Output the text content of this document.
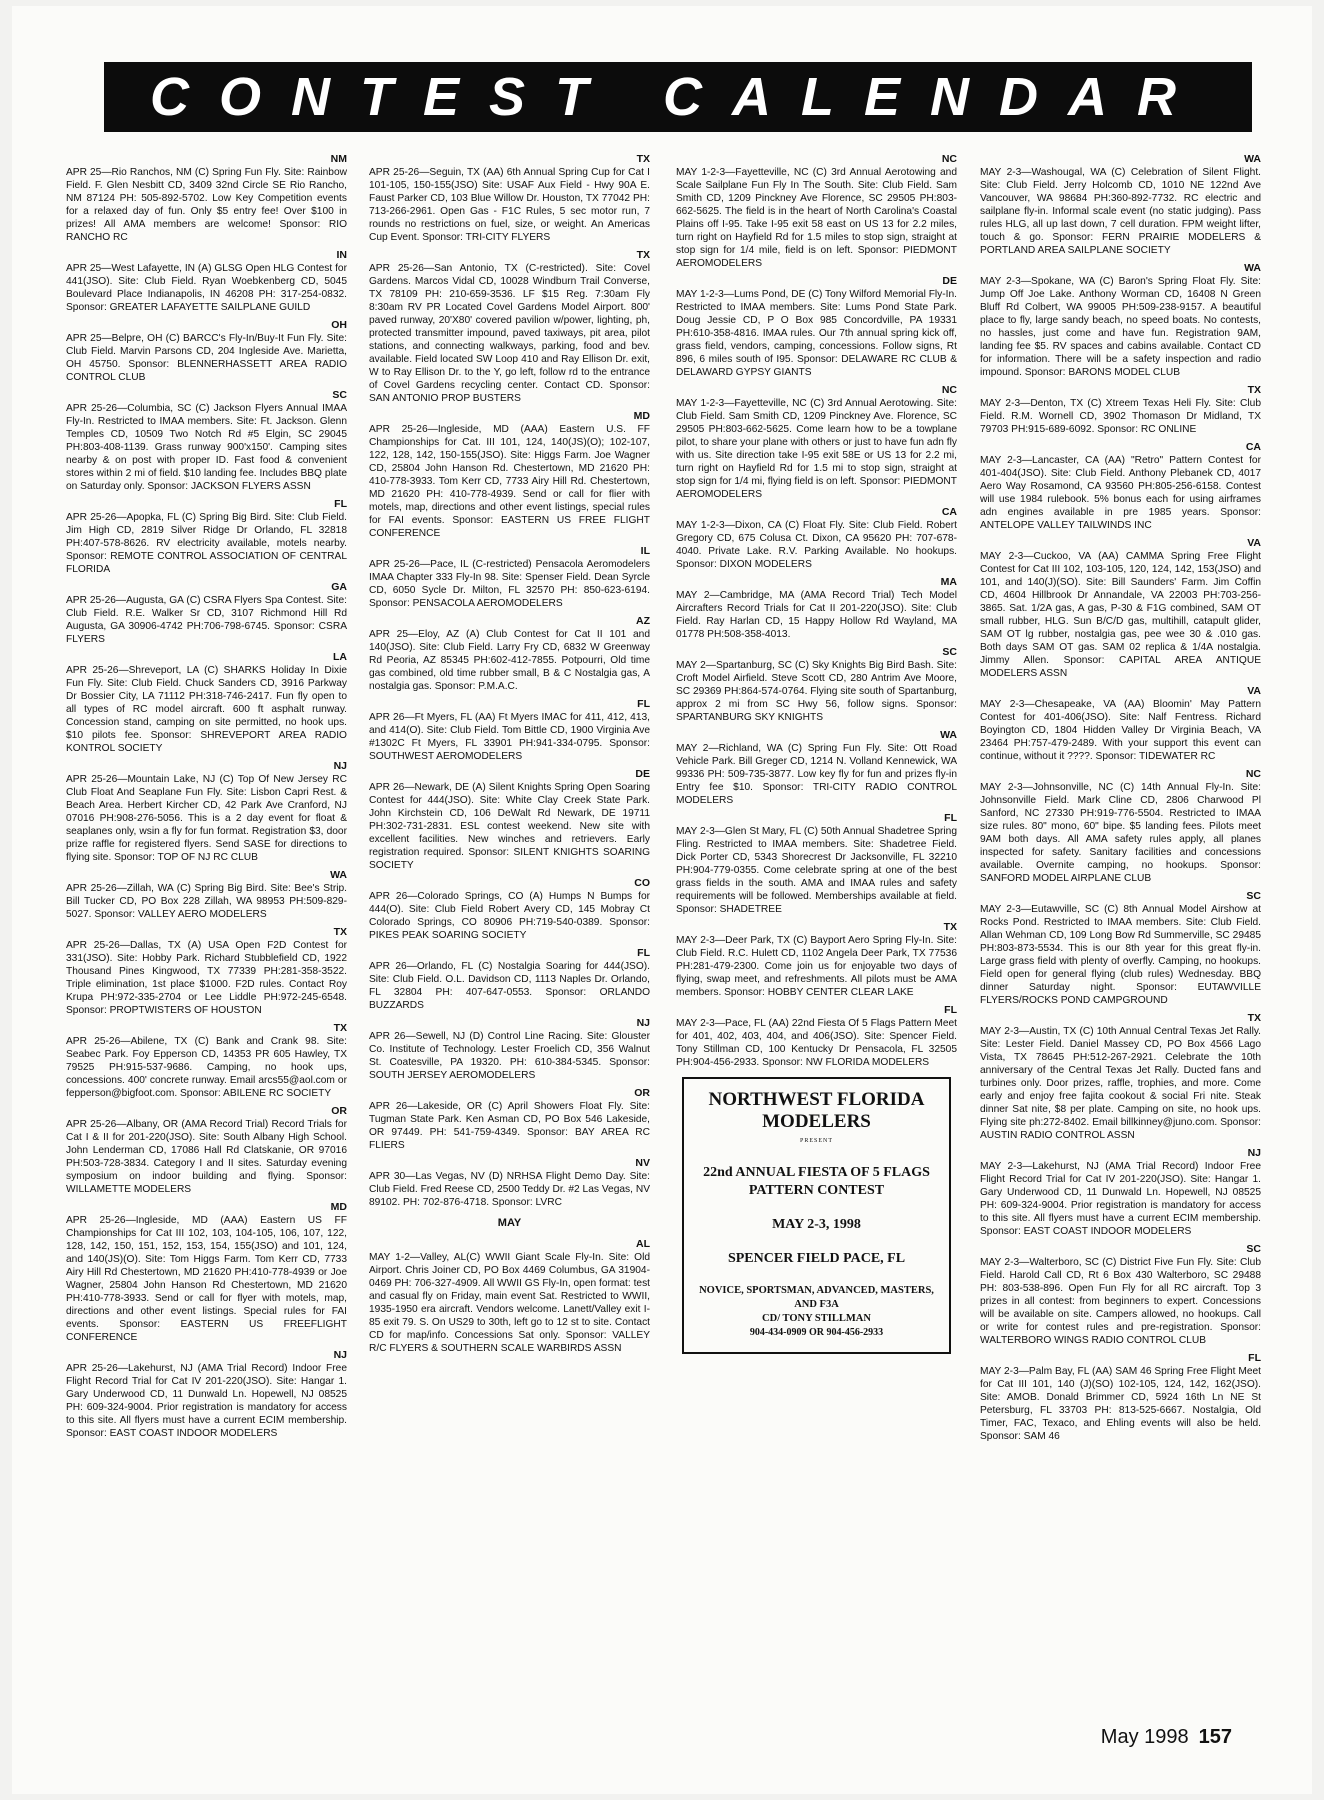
CONTEST CALENDAR
NM
APR 25—Rio Ranchos, NM (C) Spring Fun Fly. Site: Rainbow Field. F. Glen Nesbitt CD, 3409 32nd Circle SE Rio Rancho, NM 87124 PH: 505-892-5702. Low Key Competition events for a relaxed day of fun. Only $5 entry fee! Over $100 in prizes! All AMA members are welcome! Sponsor: RIO RANCHO RC
IN
APR 25—West Lafayette, IN (A) GLSG Open HLG Contest for 441(JSO). Site: Club Field. Ryan Woebkenberg CD, 5045 Boulevard Place Indianapolis, IN 46208 PH: 317-254-0832. Sponsor: GREATER LAFAYETTE SAILPLANE GUILD
OH
APR 25—Belpre, OH (C) BARCC's Fly-In/Buy-It Fun Fly. Site: Club Field. Marvin Parsons CD, 204 Ingleside Ave. Marietta, OH 45750. Sponsor: BLENNERHASSETT AREA RADIO CONTROL CLUB
SC
APR 25-26—Columbia, SC (C) Jackson Flyers Annual IMAA Fly-In. Restricted to IMAA members. Site: Ft. Jackson. Glenn Temples CD, 10509 Two Notch Rd #5 Elgin, SC 29045 PH:803-408-1139. Grass runway 900'x150'. Camping sites nearby & on post with proper ID. Fast food & convenient stores within 2 mi of field. $10 landing fee. Includes BBQ plate on Saturday only. Sponsor: JACKSON FLYERS ASSN
FL
APR 25-26—Apopka, FL (C) Spring Big Bird. Site: Club Field. Jim High CD, 2819 Silver Ridge Dr Orlando, FL 32818 PH:407-578-8626. RV electricity available, motels nearby. Sponsor: REMOTE CONTROL ASSOCIATION OF CENTRAL FLORIDA
GA
APR 25-26—Augusta, GA (C) CSRA Flyers Spa Contest. Site: Club Field. R.E. Walker Sr CD, 3107 Richmond Hill Rd Augusta, GA 30906-4742 PH:706-798-6745. Sponsor: CSRA FLYERS
LA
APR 25-26—Shreveport, LA (C) SHARKS Holiday In Dixie Fun Fly. Site: Club Field. Chuck Sanders CD, 3916 Parkway Dr Bossier City, LA 71112 PH:318-746-2417. Fun fly open to all types of RC model aircraft. 600 ft asphalt runway. Concession stand, camping on site permitted, no hook ups. $10 pilots fee. Sponsor: SHREVEPORT AREA RADIO KONTROL SOCIETY
NJ
APR 25-26—Mountain Lake, NJ (C) Top Of New Jersey RC Club Float And Seaplane Fun Fly. Site: Lisbon Capri Rest. & Beach Area. Herbert Kircher CD, 42 Park Ave Cranford, NJ 07016 PH:908-276-5056. This is a 2 day event for float & seaplanes only, wsin a fly for fun format. Registration $3, door prize raffle for registered flyers. Send SASE for directions to flying site. Sponsor: TOP OF NJ RC CLUB
WA
APR 25-26—Zillah, WA (C) Spring Big Bird. Site: Bee's Strip. Bill Tucker CD, PO Box 228 Zillah, WA 98953 PH:509-829-5027. Sponsor: VALLEY AERO MODELERS
TX
APR 25-26—Dallas, TX (A) USA Open F2D Contest for 331(JSO). Site: Hobby Park. Richard Stubblefield CD, 1922 Thousand Pines Kingwood, TX 77339 PH:281-358-3522. Triple elimination, 1st place $1000. F2D rules. Contact Roy Krupa PH:972-335-2704 or Lee Liddle PH:972-245-6548. Sponsor: PROPTWISTERS OF HOUSTON
TX
APR 25-26—Abilene, TX (C) Bank and Crank 98. Site: Seabec Park. Foy Epperson CD, 14353 PR 605 Hawley, TX 79525 PH:915-537-9686. Camping, no hook ups, concessions. 400' concrete runway. Email arcs55@aol.com or fepperson@bigfoot.com. Sponsor: ABILENE RC SOCIETY
OR
APR 25-26—Albany, OR (AMA Record Trial) Record Trials for Cat I & II for 201-220(JSO). Site: South Albany High School. John Lenderman CD, 17086 Hall Rd Clatskanie, OR 97016 PH:503-728-3834. Category I and II sites. Saturday evening symposium on indoor building and flying. Sponsor: WILLAMETTE MODELERS
MD
APR 25-26—Ingleside, MD (AAA) Eastern US FF Championships for Cat III 102, 103, 104-105, 106, 107, 122, 128, 142, 150, 151, 152, 153, 154, 155(JSO) and 101, 124, and 140(JS)(O). Site: Tom Higgs Farm. Tom Kerr CD, 7733 Airy Hill Rd Chestertown, MD 21620 PH:410-778-4939 or Joe Wagner, 25804 John Hanson Rd Chestertown, MD 21620 PH:410-778-3933. Send or call for flyer with motels, map, directions and other event listings. Special rules for FAI events. Sponsor: EASTERN US FREEFLIGHT CONFERENCE
NJ
APR 25-26—Lakehurst, NJ (AMA Trial Record) Indoor Free Flight Record Trial for Cat IV 201-220(JSO). Site: Hangar 1. Gary Underwood CD, 11 Dunwald Ln. Hopewell, NJ 08525 PH: 609-324-9004. Prior registration is mandatory for access to this site. All flyers must have a current ECIM membership. Sponsor: EAST COAST INDOOR MODELERS
TX
APR 25-26—Seguin, TX (AA) 6th Annual Spring Cup for Cat I 101-105, 150-155(JSO) Site: USAF Aux Field - Hwy 90A E. Faust Parker CD, 103 Blue Willow Dr. Houston, TX 77042 PH: 713-266-2961. Open Gas - F1C Rules, 5 sec motor run, 7 rounds no restrictions on fuel, size, or weight. An Americas Cup Event. Sponsor: TRI-CITY FLYERS
TX
APR 25-26—San Antonio, TX (C-restricted). Site: Covel Gardens. Marcos Vidal CD, 10028 Windburn Trail Converse, TX 78109 PH: 210-659-3536. LF $15 Reg. 7:30am Fly 8:30am RV PR Located Covel Gardens Model Airport. 800' paved runway, 20'X80' covered pavilion w/power, lighting, ph, protected transmitter impound, paved taxiways, pit area, pilot stations, and connecting walkways, parking, food and bev. available. Field located SW Loop 410 and Ray Ellison Dr. exit, W to Ray Ellison Dr. to the Y, go left, follow rd to the entrance of Covel Gardens recycling center. Contact CD. Sponsor: SAN ANTONIO PROP BUSTERS
MD
APR 25-26—Ingleside, MD (AAA) Eastern U.S. FF Championships for Cat. III 101, 124, 140(JS)(O); 102-107, 122, 128, 142, 150-155(JSO). Site: Higgs Farm. Joe Wagner CD, 25804 John Hanson Rd. Chestertown, MD 21620 PH: 410-778-3933. Tom Kerr CD, 7733 Airy Hill Rd. Chestertown, MD 21620 PH: 410-778-4939. Send or call for flier with motels, map, directions and other event listings, special rules for FAI events. Sponsor: EASTERN US FREE FLIGHT CONFERENCE
IL
APR 25-26—Pace, IL (C-restricted) Pensacola Aeromodelers IMAA Chapter 333 Fly-In 98. Site: Spenser Field. Dean Syrcle CD, 6050 Sycle Dr. Milton, FL 32570 PH: 850-623-6194. Sponsor: PENSACOLA AEROMODELERS
AZ
APR 25—Eloy, AZ (A) Club Contest for Cat II 101 and 140(JSO). Site: Club Field. Larry Fry CD, 6832 W Greenway Rd Peoria, AZ 85345 PH:602-412-7855. Potpourri, Old time gas combined, old time rubber small, B & C Nostalgia gas, A nostalgia gas. Sponsor: P.M.A.C.
FL
APR 26—Ft Myers, FL (AA) Ft Myers IMAC for 411, 412, 413, and 414(O). Site: Club Field. Tom Bittle CD, 1900 Virginia Ave #1302C Ft Myers, FL 33901 PH:941-334-0795. Sponsor: SOUTHWEST AEROMODELERS
DE
APR 26—Newark, DE (A) Silent Knights Spring Open Soaring Contest for 444(JSO). Site: White Clay Creek State Park. John Kirchstein CD, 106 DeWalt Rd Newark, DE 19711 PH:302-731-2831. ESL contest weekend. New site with excellent facilities. New winches and retrievers. Early registration required. Sponsor: SILENT KNIGHTS SOARING SOCIETY
CO
APR 26—Colorado Springs, CO (A) Humps N Bumps for 444(O). Site: Club Field Robert Avery CD, 145 Mobray Ct Colorado Springs, CO 80906 PH:719-540-0389. Sponsor: PIKES PEAK SOARING SOCIETY
FL
APR 26—Orlando, FL (C) Nostalgia Soaring for 444(JSO). Site: Club Field. O.L. Davidson CD, 1113 Naples Dr. Orlando, FL 32804 PH: 407-647-0553. Sponsor: ORLANDO BUZZARDS
NJ
APR 26—Sewell, NJ (D) Control Line Racing. Site: Glouster Co. Institute of Technology. Lester Froelich CD, 356 Walnut St. Coatesville, PA 19320. PH: 610-384-5345. Sponsor: SOUTH JERSEY AEROMODELERS
OR
APR 26—Lakeside, OR (C) April Showers Float Fly. Site: Tugman State Park. Ken Asman CD, PO Box 546 Lakeside, OR 97449. PH: 541-759-4349. Sponsor: BAY AREA RC FLIERS
NV
APR 30—Las Vegas, NV (D) NRHSA Flight Demo Day. Site: Club Field. Fred Reese CD, 2500 Teddy Dr. #2 Las Vegas, NV 89102. PH: 702-876-4718. Sponsor: LVRC
MAY
AL
MAY 1-2—Valley, AL(C) WWII Giant Scale Fly-In. Site: Old Airport. Chris Joiner CD, PO Box 4469 Columbus, GA 31904-0469 PH: 706-327-4909. All WWII GS Fly-In, open format: test and casual fly on Friday, main event Sat. Restricted to WWII, 1935-1950 era aircraft. Vendors welcome. Lanett/Valley exit I-85 exit 79. S. On US29 to 30th, left go to 12 st to site. Contact CD for map/info. Concessions Sat only. Sponsor: VALLEY R/C FLYERS & SOUTHERN SCALE WARBIRDS ASSN
NC
MAY 1-2-3—Fayetteville, NC (C) 3rd Annual Aerotowing and Scale Sailplane Fun Fly In The South. Site: Club Field. Sam Smith CD, 1209 Pinckney Ave Florence, SC 29505 PH:803-662-5625. The field is in the heart of North Carolina's Coastal Plains off I-95. Take I-95 exit 58 east on US 13 for 2.2 miles, turn right on Hayfield Rd for 1.5 miles to stop sign, straight at stop sign for 1/4 mile, field is on left. Sponsor: PIEDMONT AEROMODELERS
DE
MAY 1-2-3—Lums Pond, DE (C) Tony Wilford Memorial Fly-In. Restricted to IMAA members. Site: Lums Pond State Park. Doug Jessie CD, P O Box 985 Concordville, PA 19331 PH:610-358-4816. IMAA rules. Our 7th annual spring kick off, grass field, vendors, camping, concessions. Follow signs, Rt 896, 6 miles south of I95. Sponsor: DELAWARE RC CLUB & DELAWARD GYPSY GIANTS
NC
MAY 1-2-3—Fayetteville, NC (C) 3rd Annual Aerotowing. Site: Club Field. Sam Smith CD, 1209 Pinckney Ave. Florence, SC 29505 PH:803-662-5625. Come learn how to be a towplane pilot, to share your plane with others or just to have fun adn fly with us. Site direction take I-95 exit 58E or US 13 for 2.2 mi, turn right on Hayfield Rd for 1.5 mi to stop sign, straight at stop sign for 1/4 mi, flying field is on left. Sponsor: PIEDMONT AEROMODELERS
CA
MAY 1-2-3—Dixon, CA (C) Float Fly. Site: Club Field. Robert Gregory CD, 675 Colusa Ct. Dixon, CA 95620 PH: 707-678-4040. Private Lake. R.V. Parking Available. No hookups. Sponsor: DIXON MODELERS
MA
MAY 2—Cambridge, MA (AMA Record Trial) Tech Model Aircrafters Record Trials for Cat II 201-220(JSO). Site: Club Field. Ray Harlan CD, 15 Happy Hollow Rd Wayland, MA 01778 PH:508-358-4013.
SC
MAY 2—Spartanburg, SC (C) Sky Knights Big Bird Bash. Site: Croft Model Airfield. Steve Scott CD, 280 Antrim Ave Moore, SC 29369 PH:864-574-0764. Flying site south of Spartanburg, approx 2 mi from SC Hwy 56, follow signs. Sponsor: SPARTANBURG SKY KNIGHTS
WA
MAY 2—Richland, WA (C) Spring Fun Fly. Site: Ott Road Vehicle Park. Bill Greger CD, 1214 N. Volland Kennewick, WA 99336 PH: 509-735-3877. Low key fly for fun and prizes fly-in Entry fee $10. Sponsor: TRI-CITY RADIO CONTROL MODELERS
FL
MAY 2-3—Glen St Mary, FL (C) 50th Annual Shadetree Spring Fling. Restricted to IMAA members. Site: Shadetree Field. Dick Porter CD, 5343 Shorecrest Dr Jacksonville, FL 32210 PH:904-779-0355. Come celebrate spring at one of the best grass fields in the south. AMA and IMAA rules and safety requirements will be followed. Memberships available at field. Sponsor: SHADETREE
TX
MAY 2-3—Deer Park, TX (C) Bayport Aero Spring Fly-In. Site: Club Field. R.C. Hulett CD, 1102 Angela Deer Park, TX 77536 PH:281-479-2300. Come join us for enjoyable two days of flying, swap meet, and refreshments. All pilots must be AMA members. Sponsor: HOBBY CENTER CLEAR LAKE
FL
MAY 2-3—Pace, FL (AA) 22nd Fiesta Of 5 Flags Pattern Meet for 401, 402, 403, 404, and 406(JSO). Site: Spencer Field. Tony Stillman CD, 100 Kentucky Dr Pensacola, FL 32505 PH:904-456-2933. Sponsor: NW FLORIDA MODELERS
NORTHWEST FLORIDA MODELERS
PRESENT
22nd ANNUAL FIESTA OF 5 FLAGS PATTERN CONTEST
MAY 2-3, 1998
SPENCER FIELD PACE, FL
NOVICE, SPORTSMAN, ADVANCED, MASTERS, AND F3A
CD/ TONY STILLMAN
904-434-0909 OR 904-456-2933
WA
MAY 2-3—Washougal, WA (C) Celebration of Silent Flight. Site: Club Field. Jerry Holcomb CD, 1010 NE 122nd Ave Vancouver, WA 98684 PH:360-892-7732. RC electric and sailplane fly-in. Informal scale event (no static judging). Pass rules HLG, all up last down, 7 cell duration. FPM weight lifter, touch & go. Sponsor: FERN PRAIRIE MODELERS & PORTLAND AREA SAILPLANE SOCIETY
WA
MAY 2-3—Spokane, WA (C) Baron's Spring Float Fly. Site: Jump Off Joe Lake. Anthony Worman CD, 16408 N Green Bluff Rd Colbert, WA 99005 PH:509-238-9157. A beautiful place to fly, large sandy beach, no speed boats. No contests, no hassles, just come and have fun. Registration 9AM, landing fee $5. RV spaces and cabins available. Contact CD for information. There will be a safety inspection and radio impound. Sponsor: BARONS MODEL CLUB
TX
MAY 2-3—Denton, TX (C) Xtreem Texas Heli Fly. Site: Club Field. R.M. Wornell CD, 3902 Thomason Dr Midland, TX 79703 PH:915-689-6092. Sponsor: RC ONLINE
CA
MAY 2-3—Lancaster, CA (AA) "Retro" Pattern Contest for 401-404(JSO). Site: Club Field. Anthony Plebanek CD, 4017 Aero Way Rosamond, CA 93560 PH:805-256-6158. Contest will use 1984 rulebook. 5% bonus each for using airframes adn engines available in pre 1985 years. Sponsor: ANTELOPE VALLEY TAILWINDS INC
VA
MAY 2-3—Cuckoo, VA (AA) CAMMA Spring Free Flight Contest for Cat III 102, 103-105, 120, 124, 142, 153(JSO) and 101, and 140(J)(SO). Site: Bill Saunders' Farm. Jim Coffin CD, 4604 Hillbrook Dr Annandale, VA 22003 PH:703-256-3865. Sat. 1/2A gas, A gas, P-30 & F1G combined, SAM OT small rubber, HLG. Sun B/C/D gas, multihill, catapult glider, SAM OT lg rubber, nostalgia gas, pee wee 30 & .010 gas. Both days SAM OT gas. SAM 02 replica & 1/4A nostalgia. Jimmy Allen. Sponsor: CAPITAL AREA ANTIQUE MODELERS ASSN
VA
MAY 2-3—Chesapeake, VA (AA) Bloomin' May Pattern Contest for 401-406(JSO). Site: Nalf Fentress. Richard Boyington CD, 1804 Hidden Valley Dr Virginia Beach, VA 23464 PH:757-479-2489. With your support this event can continue, without it ????. Sponsor: TIDEWATER RC
NC
MAY 2-3—Johnsonville, NC (C) 14th Annual Fly-In. Site: Johnsonville Field. Mark Cline CD, 2806 Charwood Pl Sanford, NC 27330 PH:919-776-5504. Restricted to IMAA size rules. 80" mono, 60" bipe. $5 landing fees. Pilots meet 9AM both days. All AMA safety rules apply, all planes inspected for safety. Sanitary facilities and concessions available. Overnite camping, no hookups. Sponsor: SANFORD MODEL AIRPLANE CLUB
SC
MAY 2-3—Eutawville, SC (C) 8th Annual Model Airshow at Rocks Pond. Restricted to IMAA members. Site: Club Field. Allan Wehman CD, 109 Long Bow Rd Summerville, SC 29485 PH:803-873-5534. This is our 8th year for this great fly-in. Large grass field with plenty of overfly. Camping, no hookups. Field open for general flying (club rules) Wednesday. BBQ dinner Saturday night. Sponsor: EUTAWVILLE FLYERS/ROCKS POND CAMPGROUND
TX
MAY 2-3—Austin, TX (C) 10th Annual Central Texas Jet Rally. Site: Lester Field. Daniel Massey CD, PO Box 4566 Lago Vista, TX 78645 PH:512-267-2921. Celebrate the 10th anniversary of the Central Texas Jet Rally. Ducted fans and turbines only. Door prizes, raffle, trophies, and more. Come early and enjoy free fajita cookout & social Fri nite. Steak dinner Sat nite, $8 per plate. Camping on site, no hook ups. Flying site ph:272-8402. Email billkinney@juno.com. Sponsor: AUSTIN RADIO CONTROL ASSN
NJ
MAY 2-3—Lakehurst, NJ (AMA Trial Record) Indoor Free Flight Record Trial for Cat IV 201-220(JSO). Site: Hangar 1. Gary Underwood CD, 11 Dunwald Ln. Hopewell, NJ 08525 PH: 609-324-9004. Prior registration is mandatory for access to this site. All flyers must have a current ECIM membership. Sponsor: EAST COAST INDOOR MODELERS
SC
MAY 2-3—Walterboro, SC (C) District Five Fun Fly. Site: Club Field. Harold Call CD, Rt 6 Box 430 Walterboro, SC 29488 PH: 803-538-896. Open Fun Fly for all RC aircraft. Top 3 prizes in all contest: from beginners to expert. Concessions will be available on site. Campers allowed, no hookups. Call or write for contest rules and pre-registration. Sponsor: WALTERBORO WINGS RADIO CONTROL CLUB
FL
MAY 2-3—Palm Bay, FL (AA) SAM 46 Spring Free Flight Meet for Cat III 101, 140 (J)(SO) 102-105, 124, 142, 162(JSO). Site: AMOB. Donald Brimmer CD, 5924 16th Ln NE St Petersburg, FL 33703 PH: 813-525-6667. Nostalgia, Old Timer, FAC, Texaco, and Ehling events will also be held. Sponsor: SAM 46
May 1998 157
